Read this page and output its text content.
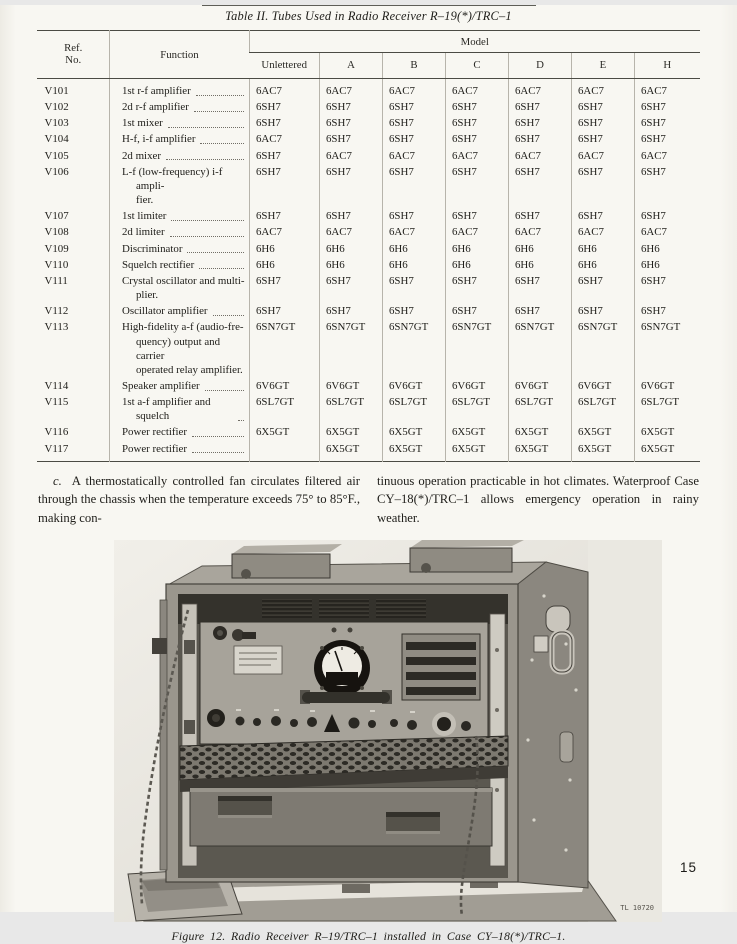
Table II. Tubes Used in Radio Receiver R–19(*)/TRC–1
Ref.
No.	Function	Model						
		Unlettered	A	B	C	D	E	H
V101	1st r-f amplifier	6AC7	6AC7	6AC7	6AC7	6AC7	6AC7	6AC7
V102	2d r-f amplifier	6SH7	6SH7	6SH7	6SH7	6SH7	6SH7	6SH7
V103	1st mixer	6SH7	6SH7	6SH7	6SH7	6SH7	6SH7	6SH7
V104	H-f, i-f amplifier	6AC7	6SH7	6SH7	6SH7	6SH7	6SH7	6SH7
V105	2d mixer	6SH7	6AC7	6AC7	6AC7	6AC7	6AC7	6AC7
V106	L-f (low-frequency) i-f ampli-
fier.	6SH7	6SH7	6SH7	6SH7	6SH7	6SH7	6SH7
V107	1st limiter	6SH7	6SH7	6SH7	6SH7	6SH7	6SH7	6SH7
V108	2d limiter	6AC7	6AC7	6AC7	6AC7	6AC7	6AC7	6AC7
V109	Discriminator	6H6	6H6	6H6	6H6	6H6	6H6	6H6
V110	Squelch rectifier	6H6	6H6	6H6	6H6	6H6	6H6	6H6
V111	Crystal oscillator and multi-
plier.	6SH7	6SH7	6SH7	6SH7	6SH7	6SH7	6SH7
V112	Oscillator amplifier	6SH7	6SH7	6SH7	6SH7	6SH7	6SH7	6SH7
V113	High-fidelity a-f (audio-fre-
quency) output and carrier
operated relay amplifier.	6SN7GT	6SN7GT	6SN7GT	6SN7GT	6SN7GT	6SN7GT	6SN7GT
V114	Speaker amplifier	6V6GT	6V6GT	6V6GT	6V6GT	6V6GT	6V6GT	6V6GT
V115	1st a-f amplifier and squelch	6SL7GT	6SL7GT	6SL7GT	6SL7GT	6SL7GT	6SL7GT	6SL7GT
V116	Power rectifier	6X5GT	6X5GT	6X5GT	6X5GT	6X5GT	6X5GT	6X5GT
V117	Power rectifier		6X5GT	6X5GT	6X5GT	6X5GT	6X5GT	6X5GT

c. A thermostatically controlled fan circulates filtered air through the chassis when the temperature exceeds 75° to 85°F., making con-

tinuous operation practicable in hot climates. Waterproof Case CY–18(*)/TRC–1 allows emergency operation in rainy weather.

TL 10720
Figure 12. Radio Receiver R–19/TRC–1 installed in Case CY–18(*)/TRC–1.
15
